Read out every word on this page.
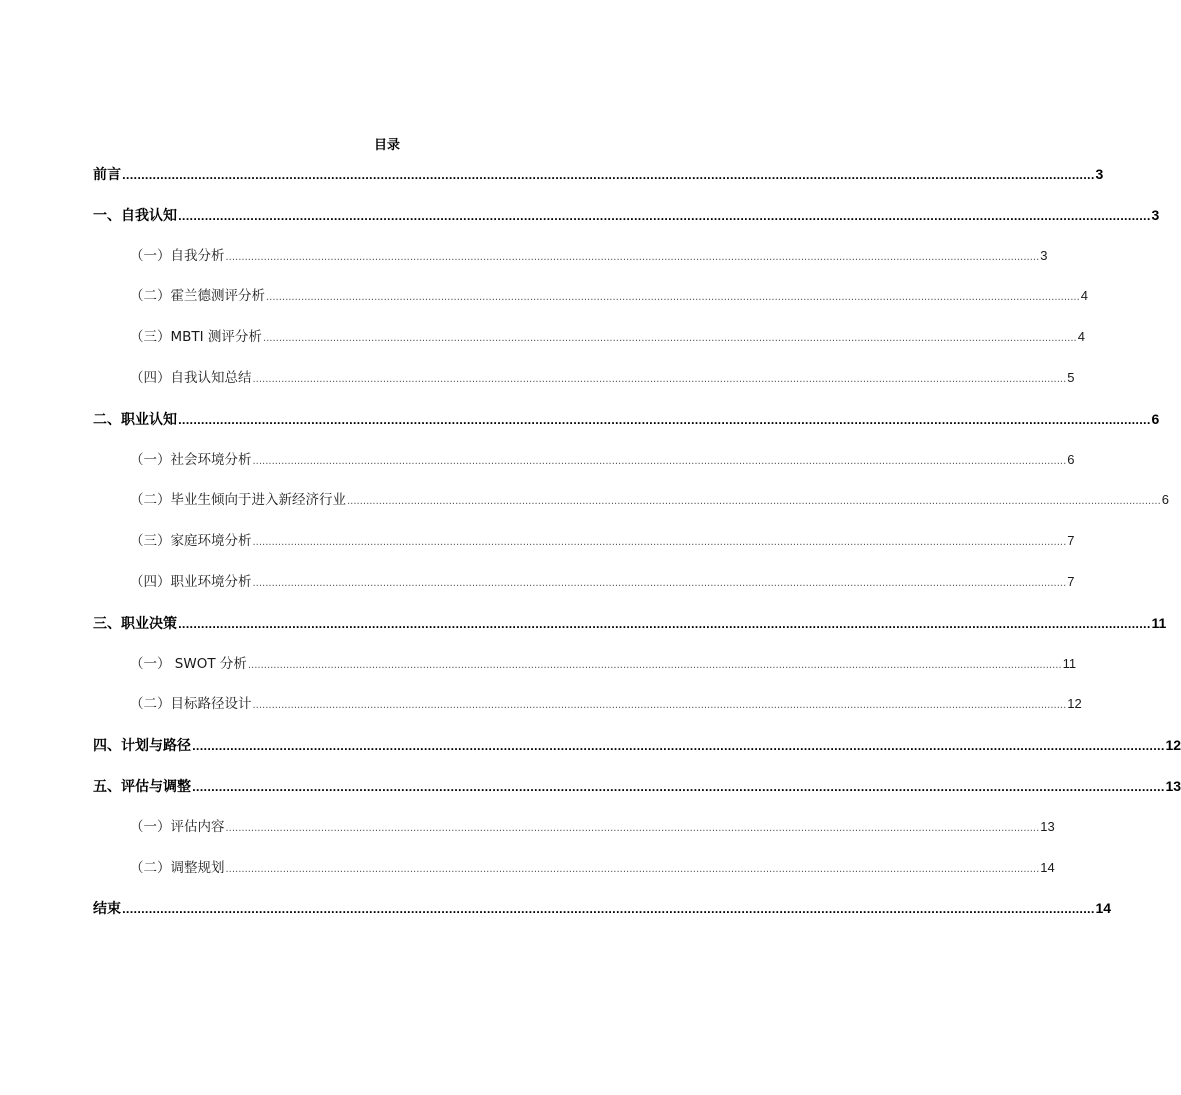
目录
前言 ................................................................................................................................................................................................................................................................ 3
一、 自我认知 ................................................................................................................................................................................................................................................................ 3
（一）自我分析 ................................................................................................................................................................................................................................................................ 3
（二）霍兰德测评分析 ................................................................................................................................................................................................................................................................ 4
（三）MBTI 测评分析 ................................................................................................................................................................................................................................................................ 4
（四）自我认知总结 ................................................................................................................................................................................................................................................................ 5
二、 职业认知 ................................................................................................................................................................................................................................................................ 6
（一）社会环境分析 ................................................................................................................................................................................................................................................................ 6
（二）毕业生倾向于进入新经济行业 ................................................................................................................................................................................................................................................................ 6
（三）家庭环境分析 ................................................................................................................................................................................................................................................................ 7
（四）职业环境分析 ................................................................................................................................................................................................................................................................ 7
三、 职业决策 ................................................................................................................................................................................................................................................................ 11
（一） SWOT 分析 ................................................................................................................................................................................................................................................................ 11
（二）目标路径设计 ................................................................................................................................................................................................................................................................ 12
四、 计划与路径 ................................................................................................................................................................................................................................................................ 12
五、评估与调整 ................................................................................................................................................................................................................................................................ 13
（一）评估内容 ................................................................................................................................................................................................................................................................ 13
（二）调整规划 ................................................................................................................................................................................................................................................................ 14
结束 ................................................................................................................................................................................................................................................................ 14
